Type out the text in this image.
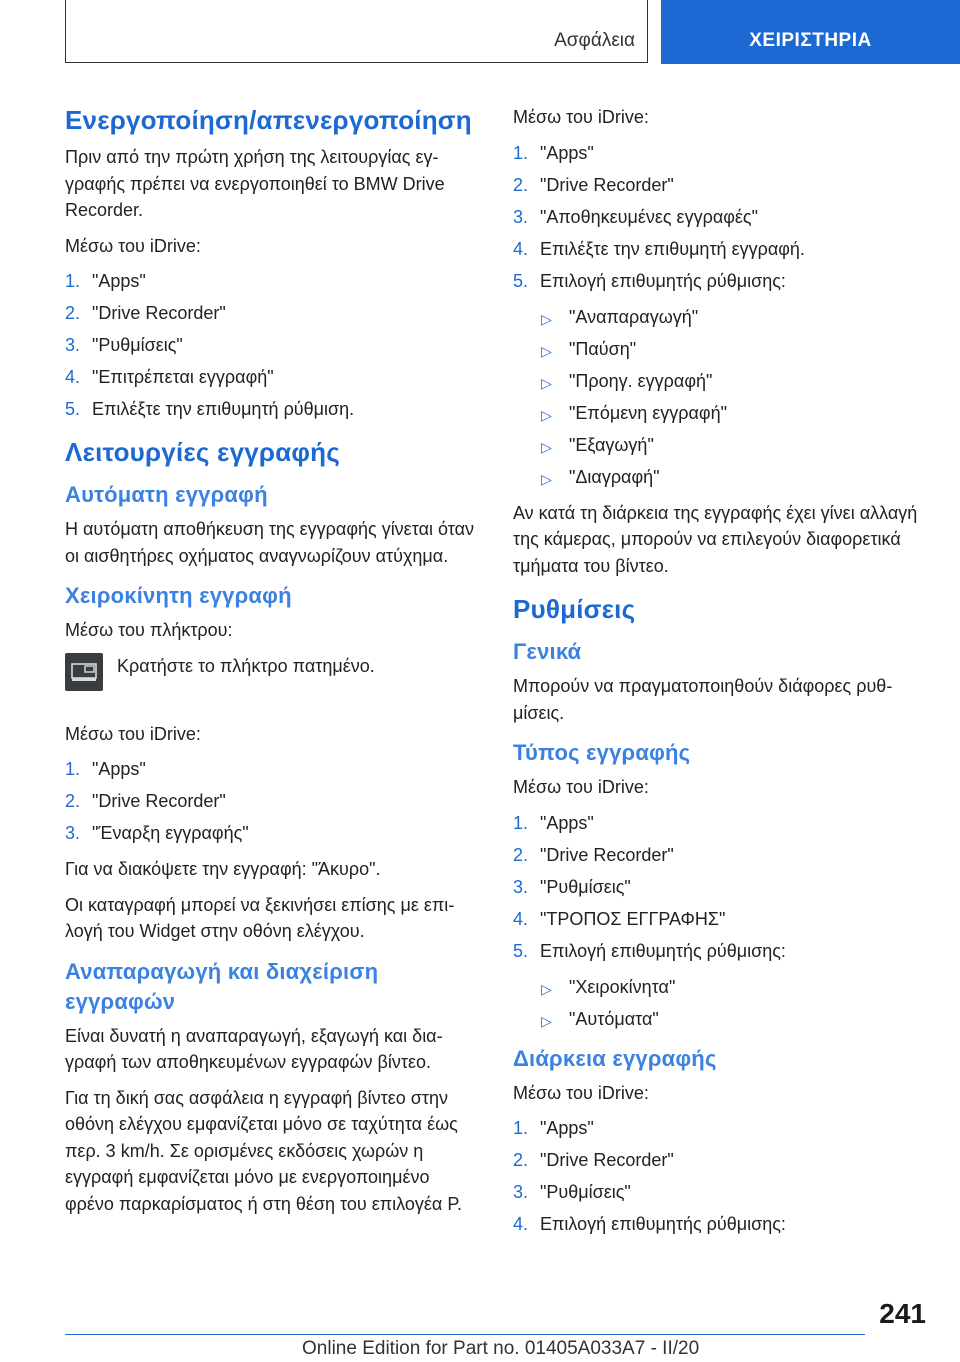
Ασφάλεια	ΧΕΙΡΙΣΤΗΡΙΑ
Ενεργοποίηση/απενεργοποίηση

Πριν από την πρώτη χρήση της λειτουργίας εγγραφής πρέπει να ενεργοποιηθεί το BMW Drive Recorder.

Μέσω του iDrive:

1. "Apps"
2. "Drive Recorder"
3. "Ρυθμίσεις"
4. "Επιτρέπεται εγγραφή"
5. Επιλέξτε την επιθυμητή ρύθμιση.
Λειτουργίες εγγραφής
Αυτόματη εγγραφή

Η αυτόματη αποθήκευση της εγγραφής γίνεται όταν οι αισθητήρες οχήματος αναγνωρίζουν ατύχημα.

Χειροκίνητη εγγραφή

Μέσω του πλήκτρου:

Κρατήστε το πλήκτρο πατημένο.

Μέσω του iDrive:

1. "Apps"
2. "Drive Recorder"
3. "Έναρξη εγγραφής"

Για να διακόψετε την εγγραφή: "Άκυρο".

Οι καταγραφή μπορεί να ξεκινήσει επίσης με επιλογή του Widget στην οθόνη ελέγχου.

Αναπαραγωγή και διαχείριση εγγραφών

Είναι δυνατή η αναπαραγωγή, εξαγωγή και διαγραφή των αποθηκευμένων εγγραφών βίντεο.

Για τη δική σας ασφάλεια η εγγραφή βίντεο στην οθόνη ελέγχου εμφανίζεται μόνο σε ταχύτητα έως περ. 3 km/h. Σε ορισμένες εκδόσεις χωρών η εγγραφή εμφανίζεται μόνο με ενεργοποιημένο φρένο παρκαρίσματος ή στη θέση του επιλογέα P.

Μέσω του iDrive:

1. "Apps"
2. "Drive Recorder"
3. "Αποθηκευμένες εγγραφές"
4. Επιλέξτε την επιθυμητή εγγραφή.
5. Επιλογή επιθυμητής ρύθμισης:
▷ "Αναπαραγωγή"
▷ "Παύση"
▷ "Προηγ. εγγραφή"
▷ "Επόμενη εγγραφή"
▷ "Εξαγωγή"
▷ "Διαγραφή"

Αν κατά τη διάρκεια της εγγραφής έχει γίνει αλλαγή της κάμερας, μπορούν να επιλεγούν διαφορετικά τμήματα του βίντεο.

Ρυθμίσεις
Γενικά

Μπορούν να πραγματοποιηθούν διάφορες ρυθμίσεις.

Τύπος εγγραφής

Μέσω του iDrive:

1. "Apps"
2. "Drive Recorder"
3. "Ρυθμίσεις"
4. "ΤΡΟΠΟΣ ΕΓΓΡΑΦΗΣ"
5. Επιλογή επιθυμητής ρύθμισης:
▷ "Χειροκίνητα"
▷ "Αυτόματα"
Διάρκεια εγγραφής

Μέσω του iDrive:

1. "Apps"
2. "Drive Recorder"
3. "Ρυθμίσεις"
4. Επιλογή επιθυμητής ρύθμισης:
241
Online Edition for Part no. 01405A033A7 - II/20
